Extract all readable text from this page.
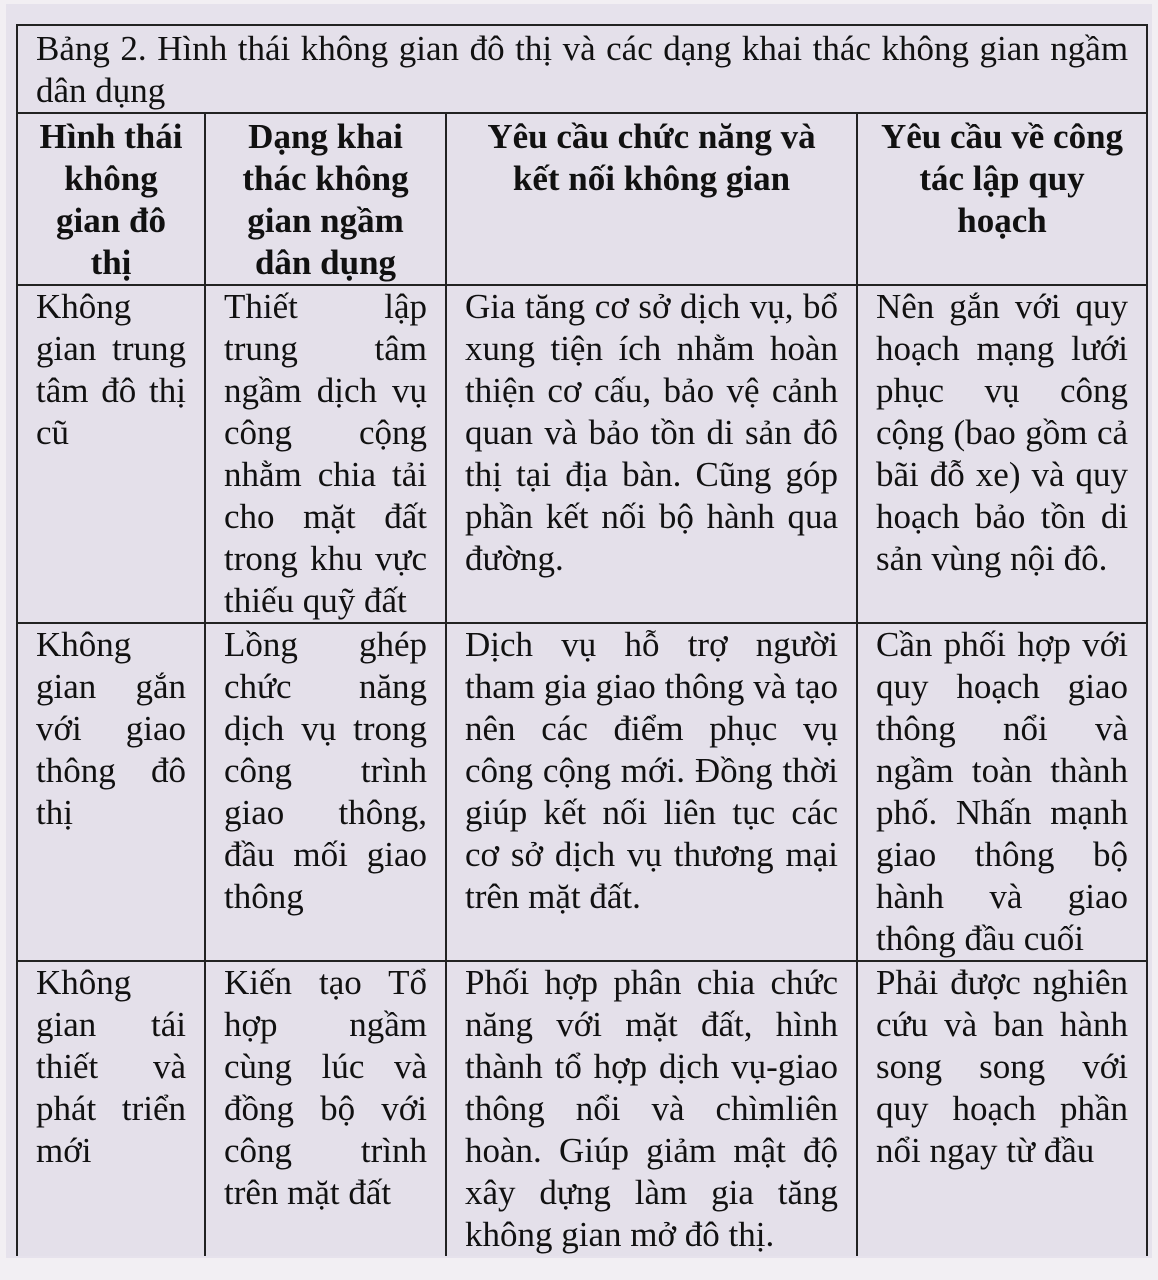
Bảng 2. Hình thái không gian đô thị và các dạng khai thác không gian ngầm dân dụng			
Hình thái không gian đô thị	Dạng khai thác không gian ngầm dân dụng	Yêu cầu chức năng và kết nối không gian	Yêu cầu về công tác lập quy hoạch
Không gian trung tâm đô thị cũ	Thiết lập trung tâm ngầm dịch vụ công cộng nhằm chia tải cho mặt đất trong khu vực thiếu quỹ đất	Gia tăng cơ sở dịch vụ, bổ xung tiện ích nhằm hoàn thiện cơ cấu, bảo vệ cảnh quan và bảo tồn di sản đô thị tại địa bàn. Cũng góp phần kết nối bộ hành qua đường.	Nên gắn với quy hoạch mạng lưới phục vụ công cộng (bao gồm cả bãi đỗ xe) và quy hoạch bảo tồn di sản vùng nội đô.
Không gian gắn với giao thông đô thị	Lồng ghép chức năng dịch vụ trong công trình giao thông, đầu mối giao thông	Dịch vụ hỗ trợ người tham gia giao thông và tạo nên các điểm phục vụ công cộng mới. Đồng thời giúp kết nối liên tục các cơ sở dịch vụ thương mại trên mặt đất.	Cần phối hợp với quy hoạch giao thông nổi và ngầm toàn thành phố. Nhấn mạnh giao thông bộ hành và giao thông đầu cuối
Không gian tái thiết và phát triển mới	Kiến tạo Tổ hợp ngầm cùng lúc và đồng bộ với công trình trên mặt đất	Phối hợp phân chia chức năng với mặt đất, hình thành tổ hợp dịch vụ-giao thông nổi và chìmliên hoàn. Giúp giảm mật độ xây dựng làm gia tăng không gian mở đô thị.	Phải được nghiên cứu và ban hành song song với quy hoạch phần nổi ngay từ đầu
